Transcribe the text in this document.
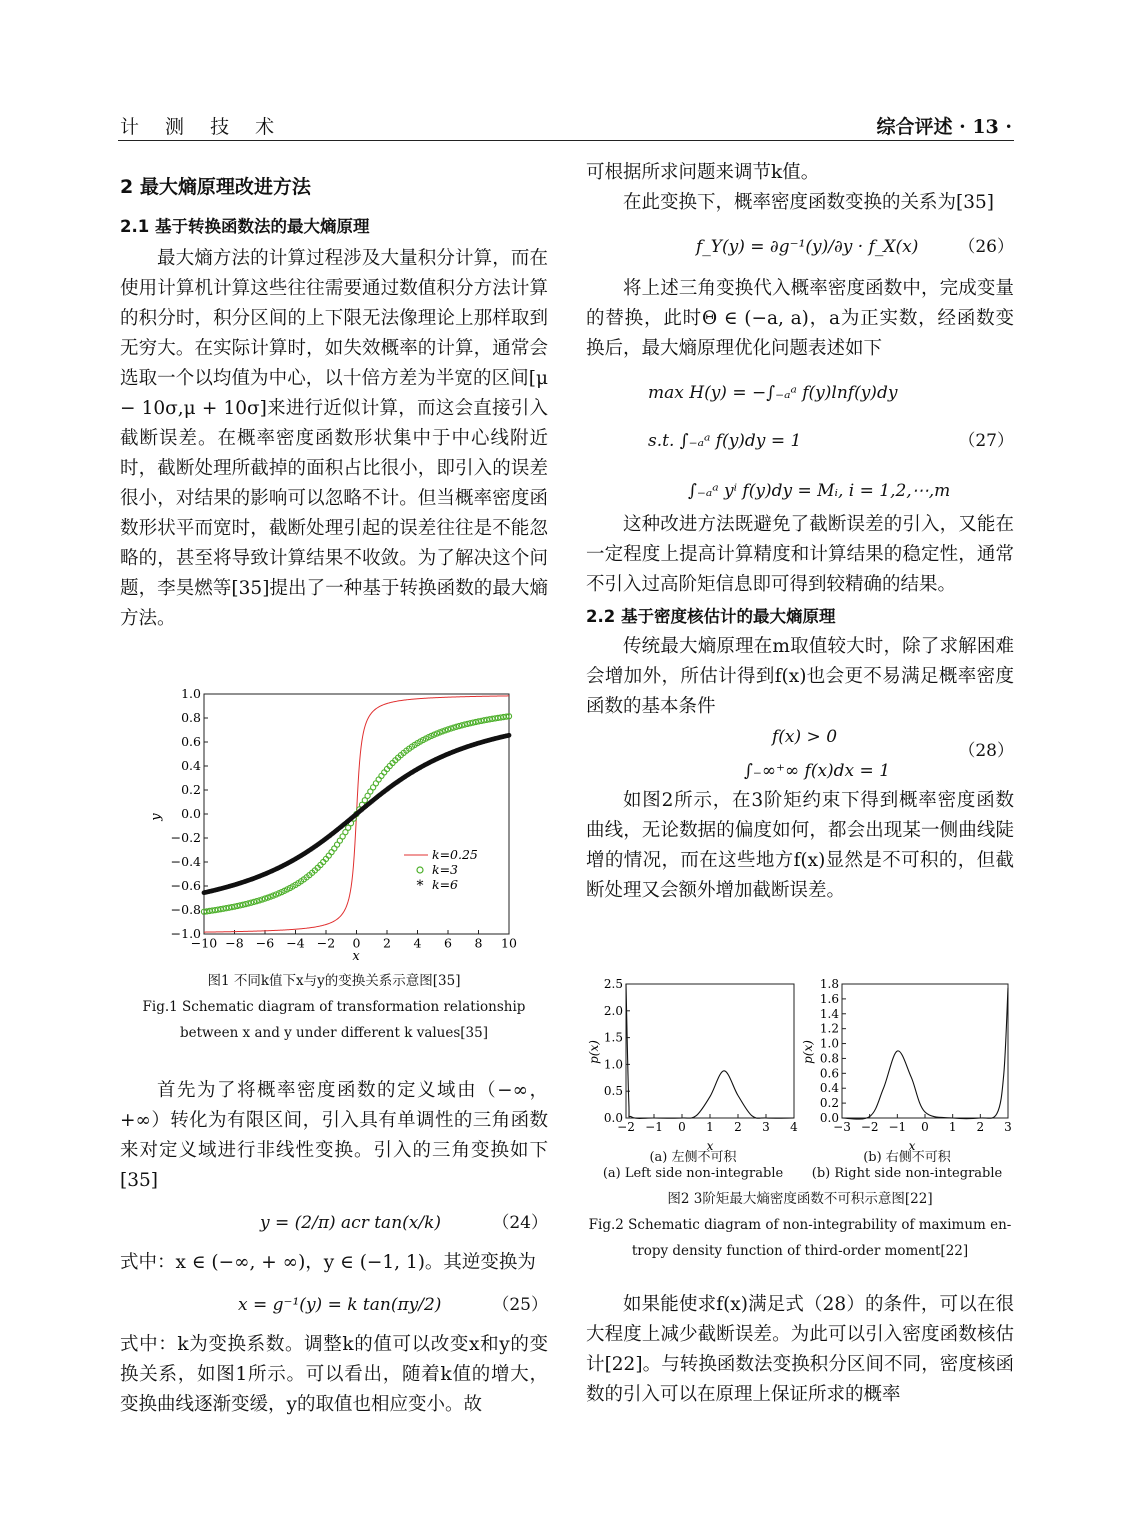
计 测 技 术	综合评述 · 13 ·
2 最大熵原理改进方法
2.1 基于转换函数法的最大熵原理
最大熵方法的计算过程涉及大量积分计算，而在使用计算机计算这些往往需要通过数值积分方法计算的积分时，积分区间的上下限无法像理论上那样取到无穷大。在实际计算时，如失效概率的计算，通常会选取一个以均值为中心，以十倍方差为半宽的区间[μ − 10σ,μ + 10σ]来进行近似计算，而这会直接引入截断误差。在概率密度函数形状集中于中心线附近时，截断处理所截掉的面积占比很小，即引入的误差很小，对结果的影响可以忽略不计。但当概率密度函数形状平而宽时，截断处理引起的误差往往是不能忽略的，甚至将导致计算结果不收敛。为了解决这个问题，李昊燃等[35]提出了一种基于转换函数的最大熵方法。
−10 −8 −6 −4 −2 0 2 4 6 8 10
−1.0
−0.8
−0.6
−0.4
−0.2
0.0
0.2
0.4
0.6
0.8
1.0
k=0.25
k=3
* k=6
x
y
图1 不同k值下x与y的变换关系示意图[35]
Fig.1 Schematic diagram of transformation relationship
between x and y under different k values[35]
首先为了将概率密度函数的定义域由（−∞，+∞）转化为有限区间，引入具有单调性的三角函数来对定义域进行非线性变换。引入的三角变换如下[35]
y = (2/π) acr tan(x/k)	（24）
式中：x ∈ (−∞, + ∞)，y ∈ (−1, 1)。其逆变换为
x = g⁻¹(y) = k tan(πy/2)	（25）
式中：k为变换系数。调整k的值可以改变x和y的变换关系，如图1所示。可以看出，随着k值的增大，变换曲线逐渐变缓，y的取值也相应变小。故
可根据所求问题来调节k值。
在此变换下，概率密度函数变换的关系为[35]
f_Y(y) = ∂g⁻¹(y)/∂y · f_X(x) （26）
将上述三角变换代入概率密度函数中，完成变量的替换，此时Θ ∈ (−a, a)，a为正实数，经函数变换后，最大熵原理优化问题表述如下
max H(y) = −∫₋ₐᵃ f(y)lnf(y)dy
s.t. ∫₋ₐᵃ f(y)dy = 1
∫₋ₐᵃ yⁱ f(y)dy = Mᵢ, i = 1,2,⋯,m
（27）
这种改进方法既避免了截断误差的引入，又能在一定程度上提高计算精度和计算结果的稳定性，通常不引入过高阶矩信息即可得到较精确的结果。
2.2 基于密度核估计的最大熵原理
传统最大熵原理在m取值较大时，除了求解困难会增加外，所估计得到f(x)也会更不易满足概率密度函数的基本条件
f(x) > 0
∫₋∞⁺∞ f(x)dx = 1
（28）
如图2所示，在3阶矩约束下得到概率密度函数曲线，无论数据的偏度如何，都会出现某一侧曲线陡增的情况，而在这些地方f(x)显然是不可积的，但截断处理又会额外增加截断误差。
−2 −1 0 1 2 3 4
0.0
0.5
1.0
1.5
2.0
2.5
x
p(x)
−3 −2 −1 0 1 2 3
0.0
0.2
0.4
0.6
0.8
1.0
1.2
1.4
1.6
1.8
x
p(x)
(a) 左侧不可积
(a) Left side non-integrable
(b) 右侧不可积
(b) Right side non-integrable
图2 3阶矩最大熵密度函数不可积示意图[22]
Fig.2 Schematic diagram of non-integrability of maximum en-
tropy density function of third-order moment[22]
如果能使求f(x)满足式（28）的条件，可以在很大程度上减少截断误差。为此可以引入密度函数核估计[22]。与转换函数法变换积分区间不同，密度核函数的引入可以在原理上保证所求的概率
